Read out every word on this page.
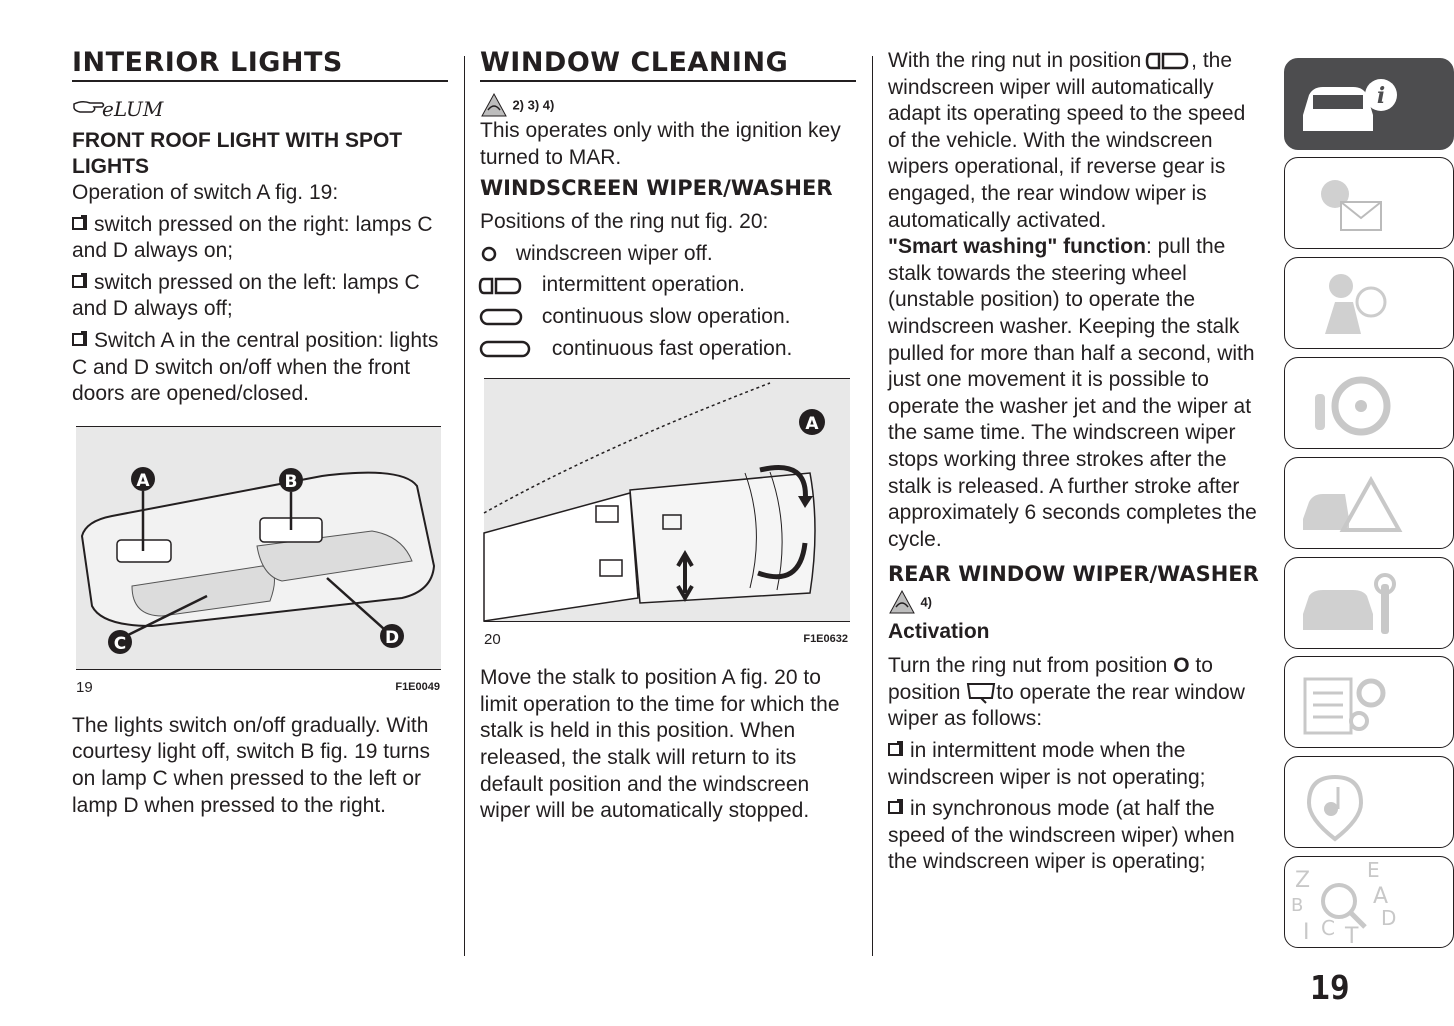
INTERIOR LIGHTS
eLUM
FRONT ROOF LIGHT WITH SPOT LIGHTS

Operation of switch A fig. 19:

switch pressed on the right: lamps C and D always on;
switch pressed on the left: lamps C and D always off;
Switch A in the central position: lights C and D switch on/off when the front doors are opened/closed.
A	B
C	D
19	F1E0049

The lights switch on/off gradually. With courtesy light off, switch B fig. 19 turns on lamp C when pressed to the left or lamp D when pressed to the right.

WINDOW CLEANING
2) 3) 4)

This operates only with the ignition key turned to MAR.

WINDSCREEN WIPER/WASHER

Positions of the ring nut fig. 20:

windscreen wiper off.
intermittent operation.
continuous slow operation.
continuous fast operation.
A
20	F1E0632

Move the stalk to position A fig. 20 to limit operation to the time for which the stalk is held in this position. When released, the stalk will return to its default position and the windscreen wiper will be automatically stopped.

With the ring nut in position , the windscreen wiper will automatically adapt its operating speed to the speed of the vehicle. With the windscreen wipers operational, if reverse gear is engaged, the rear window wiper is automatically activated.

"Smart washing" function: pull the stalk towards the steering wheel (unstable position) to operate the windscreen washer. Keeping the stalk pulled for more than half a second, with just one movement it is possible to operate the washer jet and the wiper at the same time. The windscreen wiper stops working three strokes after the stalk is released. A further stroke after approximately 6 seconds completes the cycle.

REAR WINDOW WIPER/WASHER
4)
Activation

Turn the ring nut from position O to position to operate the rear window wiper as follows:

in intermittent mode when the windscreen wiper is not operating;
in synchronous mode (at half the speed of the windscreen wiper) when the windscreen wiper is operating;
i
Z	E
B	A
I C T
D
19
